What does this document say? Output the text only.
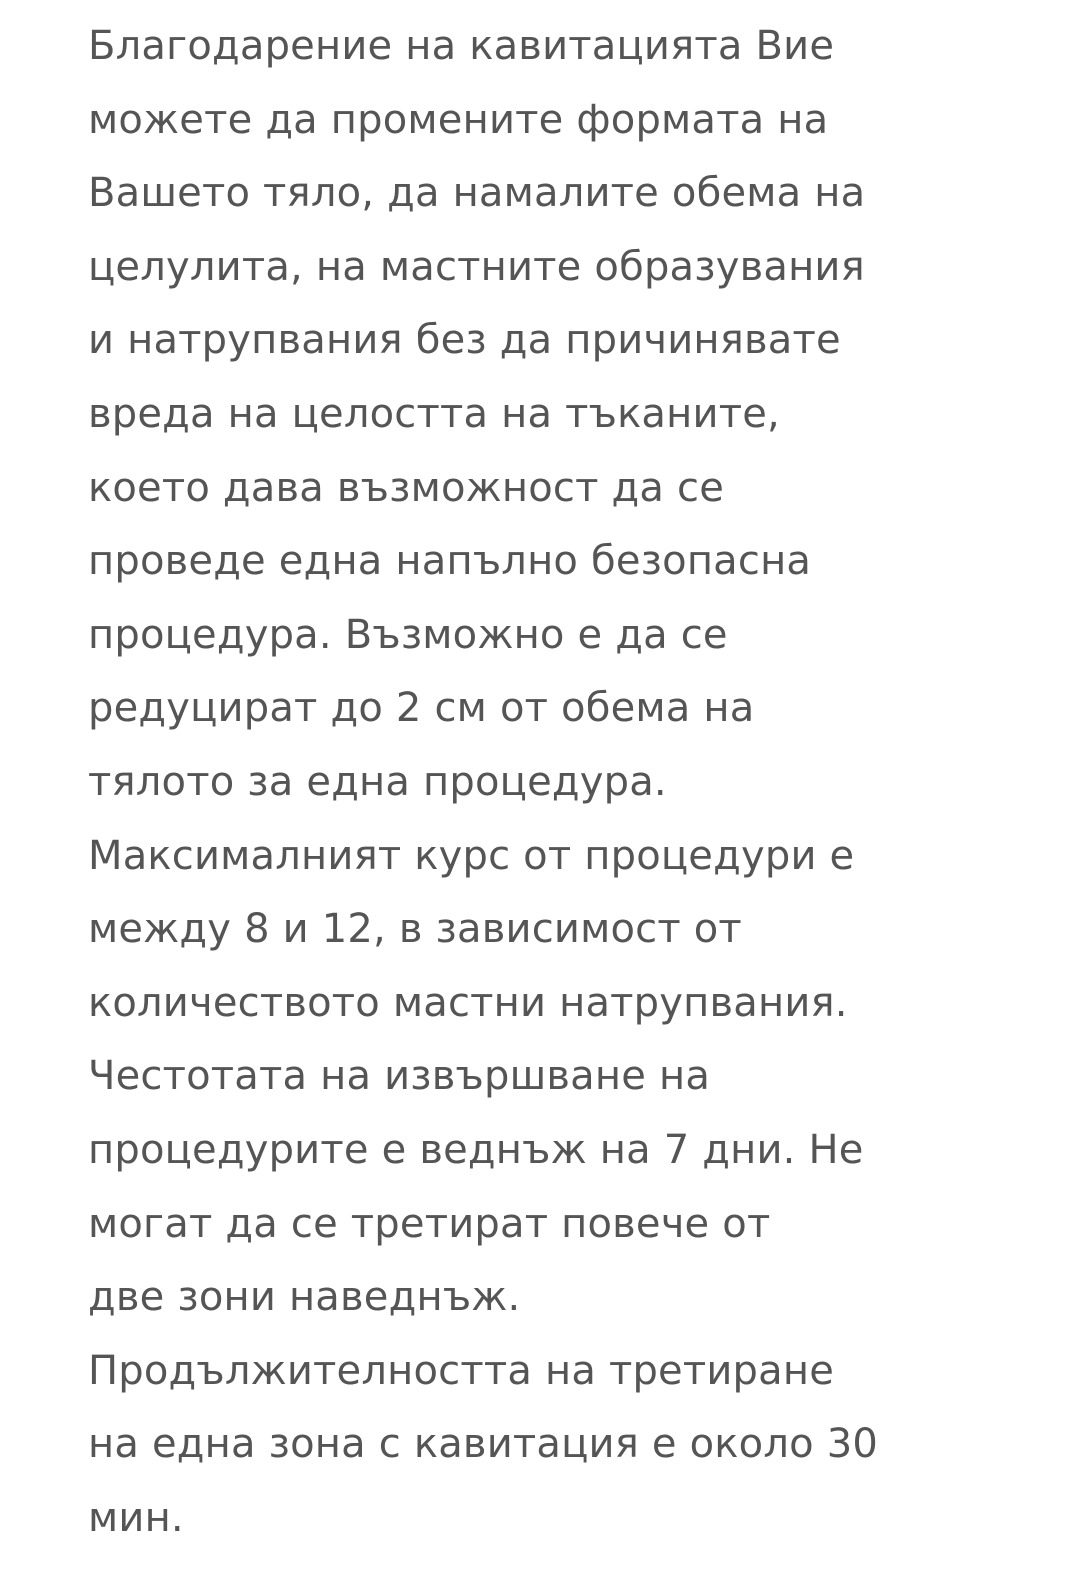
Благодарение на кавитацията Вие
можете да промените формата на
Вашето тяло, да намалите обема на
целулита, на мастните образувания
и натрупвания без да причинявате
вреда на целостта на тъканите,
което дава възможност да се
проведе една напълно безопасна
процедура. Възможно е да се
редуцират до 2 см от обема на
тялото за една процедура.
Максималният курс от процедури е
между 8 и 12, в зависимост от
количеството мастни натрупвания.
Честотата на извършване на
процедурите е веднъж на 7 дни. Не
могат да се третират повече от
две зони наведнъж.
Продължителността на третиране
на една зона с кавитация е около 30
мин.
